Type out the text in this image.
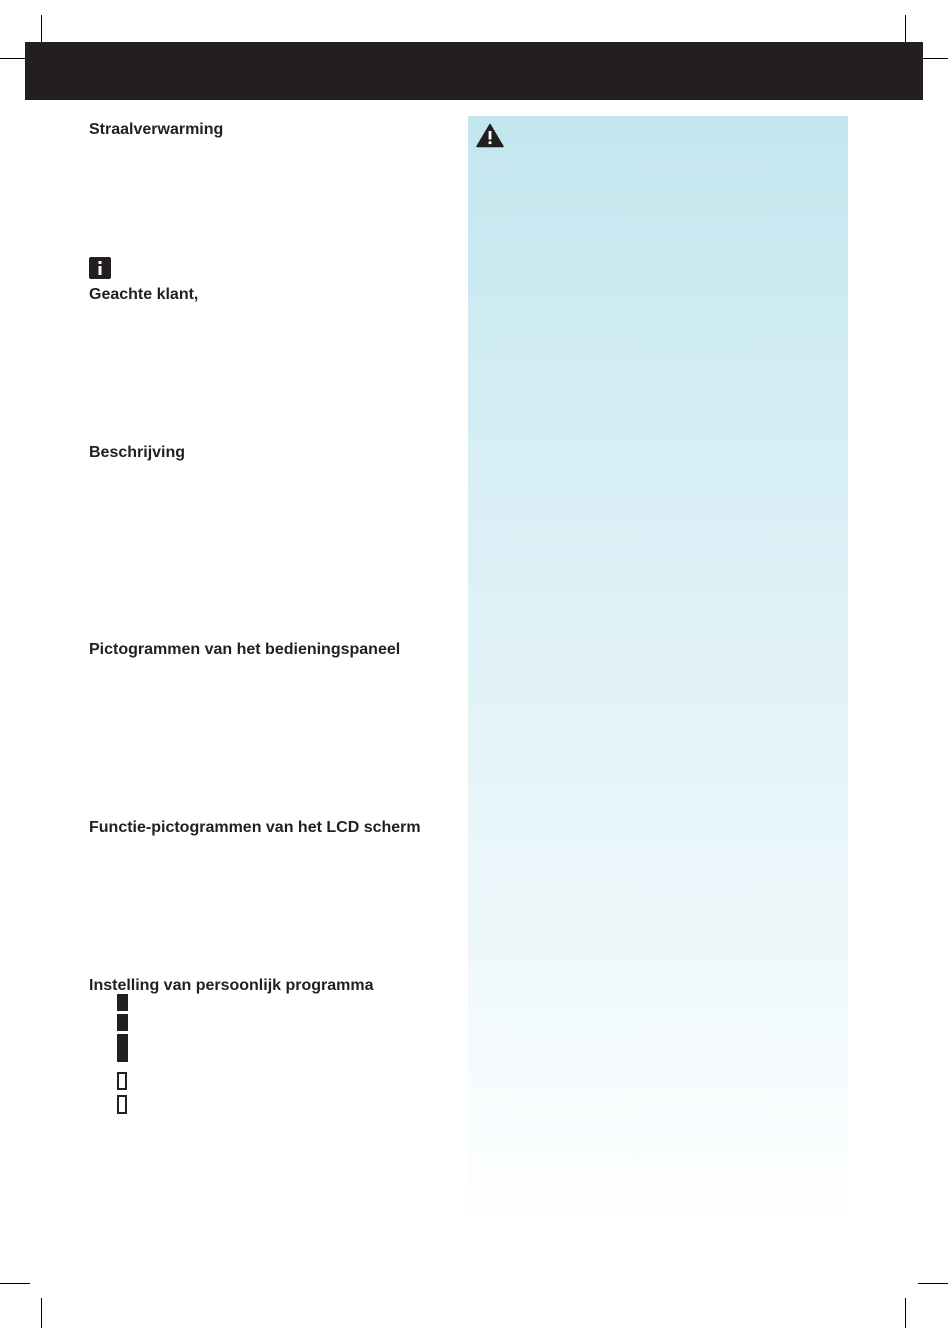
Straalverwarming
Geachte klant,
Beschrijving
Pictogrammen van het bedieningspaneel
Functie-pictogrammen van het LCD scherm
Instelling van persoonlijk programma
